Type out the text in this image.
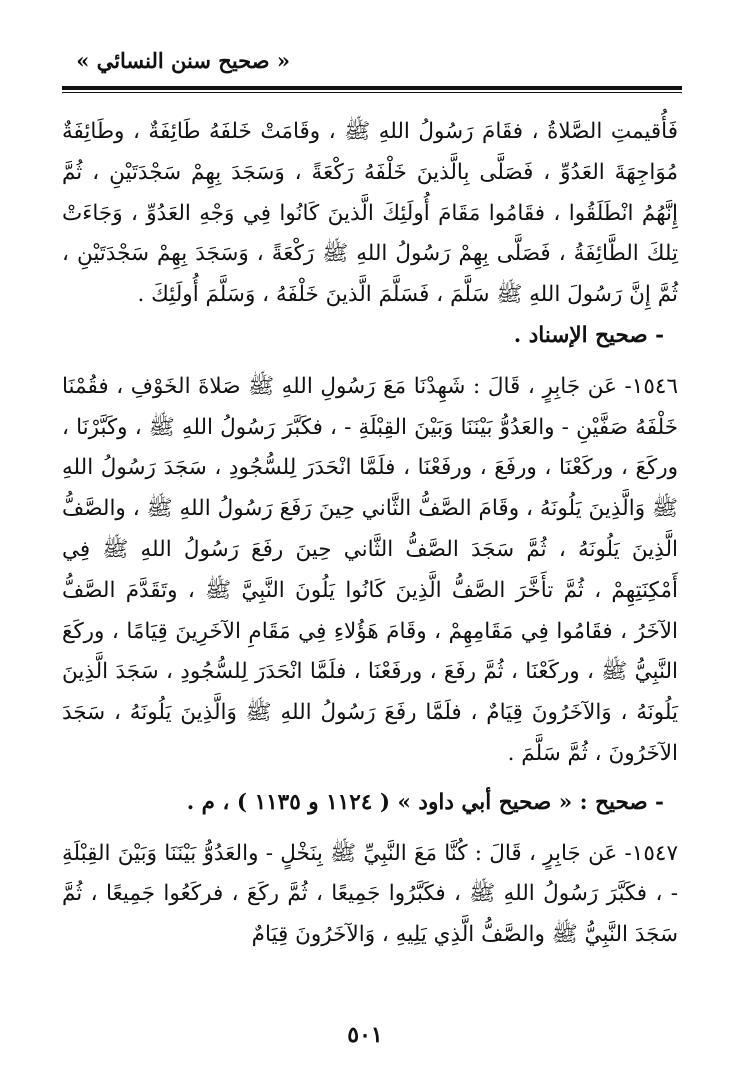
« صحيح سنن النسائي »

فَأُقيمتِ الصَّلاةُ ، فقَامَ رَسُولُ اللهِ ﷺ ، وقَامَتْ خَلفَهُ طَائِفَةٌ ، وطَائِفَةٌ مُوَاجِهَةَ العَدُوِّ ، فَصَلَّى بِالَّذينَ خَلْفَهُ رَكْعَةً ، وَسَجَدَ بِهِمْ سَجْدَتَيْنِ ، ثُمَّ إِنَّهُمُ انْطَلَقُوا ، فقَامُوا مَقَامَ أُولَئِكَ الَّذينَ كَانُوا فِي وَجْهِ العَدُوِّ ، وَجَاءَتْ تِلكَ الطَّائِفَةُ ، فَصَلَّى بِهِمْ رَسُولُ اللهِ ﷺ رَكْعَةً ، وَسَجَدَ بِهِمْ سَجْدَتَيْنِ ، ثُمَّ إِنَّ رَسُولَ اللهِ ﷺ سَلَّمَ ، فَسَلَّمَ الَّذينَ خَلْفَهُ ، وَسَلَّمَ أُولَئِكَ .

- صحيح الإسناد .

١٥٤٦- عَن جَابِرٍ ، قَالَ : شَهِدْنَا مَعَ رَسُولِ اللهِ ﷺ صَلاةَ الخَوْفِ ، فقُمْنَا خَلْفَهُ صَفَّيْنِ - والعَدُوُّ بَيْنَنَا وَبَيْنَ القِبْلَةِ - ، فكَبَّرَ رَسُولُ اللهِ ﷺ ، وكَبَّرْنَا ، وركَعَ ، وركَعْنَا ، ورفَعَ ، ورفَعْنَا ، فلَمَّا انْحَدَرَ لِلسُّجُودِ ، سَجَدَ رَسُولُ اللهِ ﷺ وَالَّذِينَ يَلُونَهُ ، وقَامَ الصَّفُّ الثَّاني حِينَ رَفَعَ رَسُولُ اللهِ ﷺ ، والصَّفُّ الَّذِينَ يَلُونَهُ ، ثُمَّ سَجَدَ الصَّفُّ الثَّاني حِينَ رفَعَ رَسُولُ اللهِ ﷺ فِي أَمْكِنَتِهِمْ ، ثُمَّ تأَخَّرَ الصَّفُّ الَّذِينَ كَانُوا يَلُونَ النَّبِيَّ ﷺ ، وتَقَدَّمَ الصَّفُّ الآخَرُ ، فقَامُوا فِي مَقَامِهِمْ ، وقَامَ هَؤُلاءِ فِي مَقَامِ الآخَرِينَ قِيَامًا ، وركَعَ النَّبِيُّ ﷺ ، وركَعْنَا ، ثُمَّ رفَعَ ، ورفَعْنَا ، فلَمَّا انْحَدَرَ لِلسُّجُودِ ، سَجَدَ الَّذِينَ يَلُونَهُ ، وَالآخَرُونَ قِيَامٌ ، فلَمَّا رفَعَ رَسُولُ اللهِ ﷺ وَالَّذِينَ يَلُونَهُ ، سَجَدَ الآخَرُونَ ، ثُمَّ سَلَّمَ .

- صحيح : « صحيح أبي داود » ( ١١٢٤ و ١١٣٥ ) ، م .

١٥٤٧- عَن جَابِرٍ ، قَالَ : كُنَّا مَعَ النَّبِيِّ ﷺ بِنَخْلٍ - والعَدُوُّ بَيْنَنَا وَبَيْنَ القِبْلَةِ - ، فكَبَّرَ رَسُولُ اللهِ ﷺ ، فكَبَّرُوا جَمِيعًا ، ثُمَّ ركَعَ ، فركَعُوا جَمِيعًا ، ثُمَّ سَجَدَ النَّبِيُّ ﷺ والصَّفُّ الَّذِي يَلِيهِ ، وَالآخَرُونَ قِيَامٌ

٥٠١
